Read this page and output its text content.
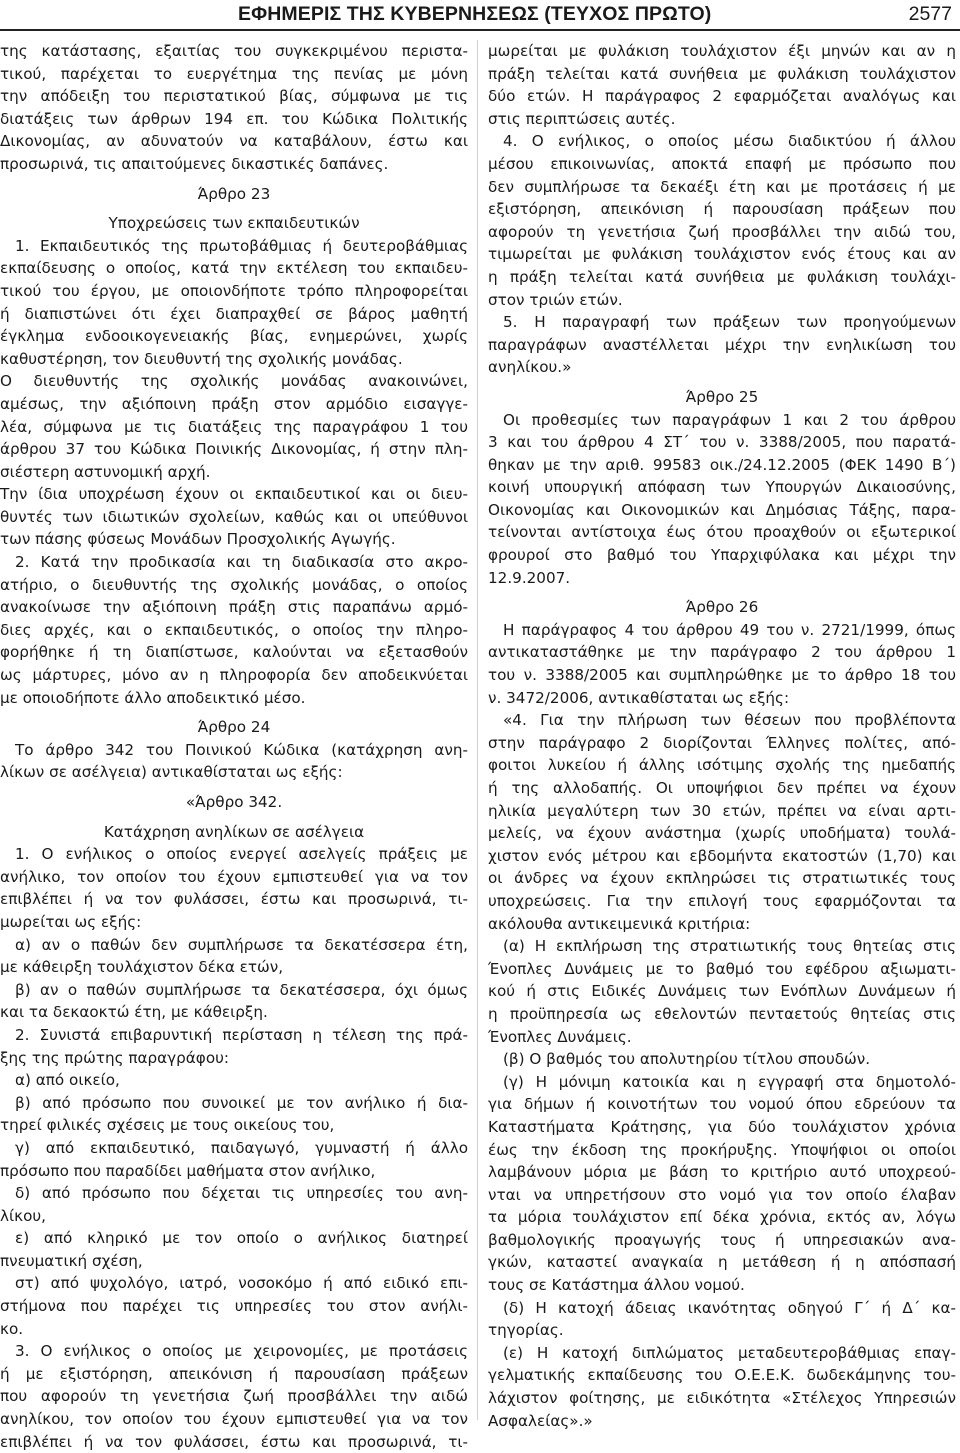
ΕΦΗΜΕΡΙΣ ΤΗΣ ΚΥΒΕΡΝΗΣΕΩΣ (ΤΕΥΧΟΣ ΠΡΩΤΟ)	2577
της κατάστασης, εξαιτίας του συγκεκριμένου περιστα-
τικού, παρέχεται το ευεργέτημα της πενίας με μόνη
την απόδειξη του περιστατικού βίας, σύμφωνα με τις
διατάξεις των άρθρων 194 επ. του Κώδικα Πολιτικής
Δικονομίας, αν αδυνατούν να καταβάλουν, έστω και
προσωρινά, τις απαιτούμενες δικαστικές δαπάνες.
Άρθρο 23
Υποχρεώσεις των εκπαιδευτικών
1. Εκπαιδευτικός της πρωτοβάθμιας ή δευτεροβάθμιας
εκπαίδευσης ο οποίος, κατά την εκτέλεση του εκπαιδευ-
τικού του έργου, με οποιονδήποτε τρόπο πληροφορείται
ή διαπιστώνει ότι έχει διαπραχθεί σε βάρος μαθητή
έγκλημα ενδοοικογενειακής βίας, ενημερώνει, χωρίς
καθυστέρηση, τον διευθυντή της σχολικής μονάδας.
Ο διευθυντής της σχολικής μονάδας ανακοινώνει,
αμέσως, την αξιόποινη πράξη στον αρμόδιο εισαγγε-
λέα, σύμφωνα με τις διατάξεις της παραγράφου 1 του
άρθρου 37 του Κώδικα Ποινικής Δικονομίας, ή στην πλη-
σιέστερη αστυνομική αρχή.
Την ίδια υποχρέωση έχουν οι εκπαιδευτικοί και οι διευ-
θυντές των ιδιωτικών σχολείων, καθώς και οι υπεύθυνοι
των πάσης φύσεως Μονάδων Προσχολικής Αγωγής.
2. Κατά την προδικασία και τη διαδικασία στο ακρο-
ατήριο, ο διευθυντής της σχολικής μονάδας, ο οποίος
ανακοίνωσε την αξιόποινη πράξη στις παραπάνω αρμό-
διες αρχές, και ο εκπαιδευτικός, ο οποίος την πληρο-
φορήθηκε ή τη διαπίστωσε, καλούνται να εξετασθούν
ως μάρτυρες, μόνο αν η πληροφορία δεν αποδεικνύεται
με οποιοδήποτε άλλο αποδεικτικό μέσο.
Άρθρο 24
Το άρθρο 342 του Ποινικού Κώδικα (κατάχρηση ανη-
λίκων σε ασέλγεια) αντικαθίσταται ως εξής:
«Άρθρο 342.
Κατάχρηση ανηλίκων σε ασέλγεια
1. Ο ενήλικος ο οποίος ενεργεί ασελγείς πράξεις με
ανήλικο, τον οποίον του έχουν εμπιστευθεί για να τον
επιβλέπει ή να τον φυλάσσει, έστω και προσωρινά, τι-
μωρείται ως εξής:
α) αν ο παθών δεν συμπλήρωσε τα δεκατέσσερα έτη,
με κάθειρξη τουλάχιστον δέκα ετών,
β) αν ο παθών συμπλήρωσε τα δεκατέσσερα, όχι όμως
και τα δεκαοκτώ έτη, με κάθειρξη.
2. Συνιστά επιβαρυντική περίσταση η τέλεση της πρά-
ξης της πρώτης παραγράφου:
α) από οικείο,
β) από πρόσωπο που συνοικεί με τον ανήλικο ή δια-
τηρεί φιλικές σχέσεις με τους οικείους του,
γ) από εκπαιδευτικό, παιδαγωγό, γυμναστή ή άλλο
πρόσωπο που παραδίδει μαθήματα στον ανήλικο,
δ) από πρόσωπο που δέχεται τις υπηρεσίες του ανη-
λίκου,
ε) από κληρικό με τον οποίο ο ανήλικος διατηρεί
πνευματική σχέση,
στ) από ψυχολόγο, ιατρό, νοσοκόμο ή από ειδικό επι-
στήμονα που παρέχει τις υπηρεσίες του στον ανήλι-
κο.
3. Ο ενήλικος ο οποίος με χειρονομίες, με προτάσεις
ή με εξιστόρηση, απεικόνιση ή παρουσίαση πράξεων
που αφορούν τη γενετήσια ζωή προσβάλλει την αιδώ
ανηλίκου, τον οποίον του έχουν εμπιστευθεί για να τον
επιβλέπει ή να τον φυλάσσει, έστω και προσωρινά, τι-
μωρείται με φυλάκιση τουλάχιστον έξι μηνών και αν η
πράξη τελείται κατά συνήθεια με φυλάκιση τουλάχιστον
δύο ετών. Η παράγραφος 2 εφαρμόζεται αναλόγως και
στις περιπτώσεις αυτές.
4. Ο ενήλικος, ο οποίος μέσω διαδικτύου ή άλλου
μέσου επικοινωνίας, αποκτά επαφή με πρόσωπο που
δεν συμπλήρωσε τα δεκαέξι έτη και με προτάσεις ή με
εξιστόρηση, απεικόνιση ή παρουσίαση πράξεων που
αφορούν τη γενετήσια ζωή προσβάλλει την αιδώ του,
τιμωρείται με φυλάκιση τουλάχιστον ενός έτους και αν
η πράξη τελείται κατά συνήθεια με φυλάκιση τουλάχι-
στον τριών ετών.
5. Η παραγραφή των πράξεων των προηγούμενων
παραγράφων αναστέλλεται μέχρι την ενηλικίωση του
ανηλίκου.»
Άρθρο 25
Οι προθεσμίες των παραγράφων 1 και 2 του άρθρου
3 και του άρθρου 4 ΣΤ΄ του ν. 3388/2005, που παρατά-
θηκαν με την αριθ. 99583 οικ./24.12.2005 (ΦΕΚ 1490 Β΄)
κοινή υπουργική απόφαση των Υπουργών Δικαιοσύνης,
Οικονομίας και Οικονομικών και Δημόσιας Τάξης, παρα-
τείνονται αντίστοιχα έως ότου προαχθούν οι εξωτερικοί
φρουροί στο βαθμό του Υπαρχιφύλακα και μέχρι την
12.9.2007.
Άρθρο 26
Η παράγραφος 4 του άρθρου 49 του ν. 2721/1999, όπως
αντικαταστάθηκε με την παράγραφο 2 του άρθρου 1
του ν. 3388/2005 και συμπληρώθηκε με το άρθρο 18 του
ν. 3472/2006, αντικαθίσταται ως εξής:
«4. Για την πλήρωση των θέσεων που προβλέποντα
στην παράγραφο 2 διορίζονται Έλληνες πολίτες, από-
φοιτοι λυκείου ή άλλης ισότιμης σχολής της ημεδαπής
ή της αλλοδαπής. Οι υποψήφιοι δεν πρέπει να έχουν
ηλικία μεγαλύτερη των 30 ετών, πρέπει να είναι αρτι-
μελείς, να έχουν ανάστημα (χωρίς υποδήματα) τουλά-
χιστον ενός μέτρου και εβδομήντα εκατοστών (1,70) και
οι άνδρες να έχουν εκπληρώσει τις στρατιωτικές τους
υποχρεώσεις. Για την επιλογή τους εφαρμόζονται τα
ακόλουθα αντικειμενικά κριτήρια:
(α) Η εκπλήρωση της στρατιωτικής τους θητείας στις
Ένοπλες Δυνάμεις με το βαθμό του εφέδρου αξιωματι-
κού ή στις Ειδικές Δυνάμεις των Ενόπλων Δυνάμεων ή
η προϋπηρεσία ως εθελοντών πενταετούς θητείας στις
Ένοπλες Δυνάμεις.
(β) Ο βαθμός του απολυτηρίου τίτλου σπουδών.
(γ) Η μόνιμη κατοικία και η εγγραφή στα δημοτολό-
για δήμων ή κοινοτήτων του νομού όπου εδρεύουν τα
Καταστήματα Κράτησης, για δύο τουλάχιστον χρόνια
έως την έκδοση της προκήρυξης. Υποψήφιοι οι οποίοι
λαμβάνουν μόρια με βάση το κριτήριο αυτό υποχρεού-
νται να υπηρετήσουν στο νομό για τον οποίο έλαβαν
τα μόρια τουλάχιστον επί δέκα χρόνια, εκτός αν, λόγω
βαθμολογικής προαγωγής τους ή υπηρεσιακών ανα-
γκών, καταστεί αναγκαία η μετάθεση ή η απόσπασή
τους σε Κατάστημα άλλου νομού.
(δ) Η κατοχή άδειας ικανότητας οδηγού Γ΄ ή Δ΄ κα-
τηγορίας.
(ε) Η κατοχή διπλώματος μεταδευτεροβάθμιας επαγ-
γελματικής εκπαίδευσης του Ο.Ε.Ε.Κ. δωδεκάμηνης του-
λάχιστον φοίτησης, με ειδικότητα «Στέλεχος Υπηρεσιών
Ασφαλείας».»
